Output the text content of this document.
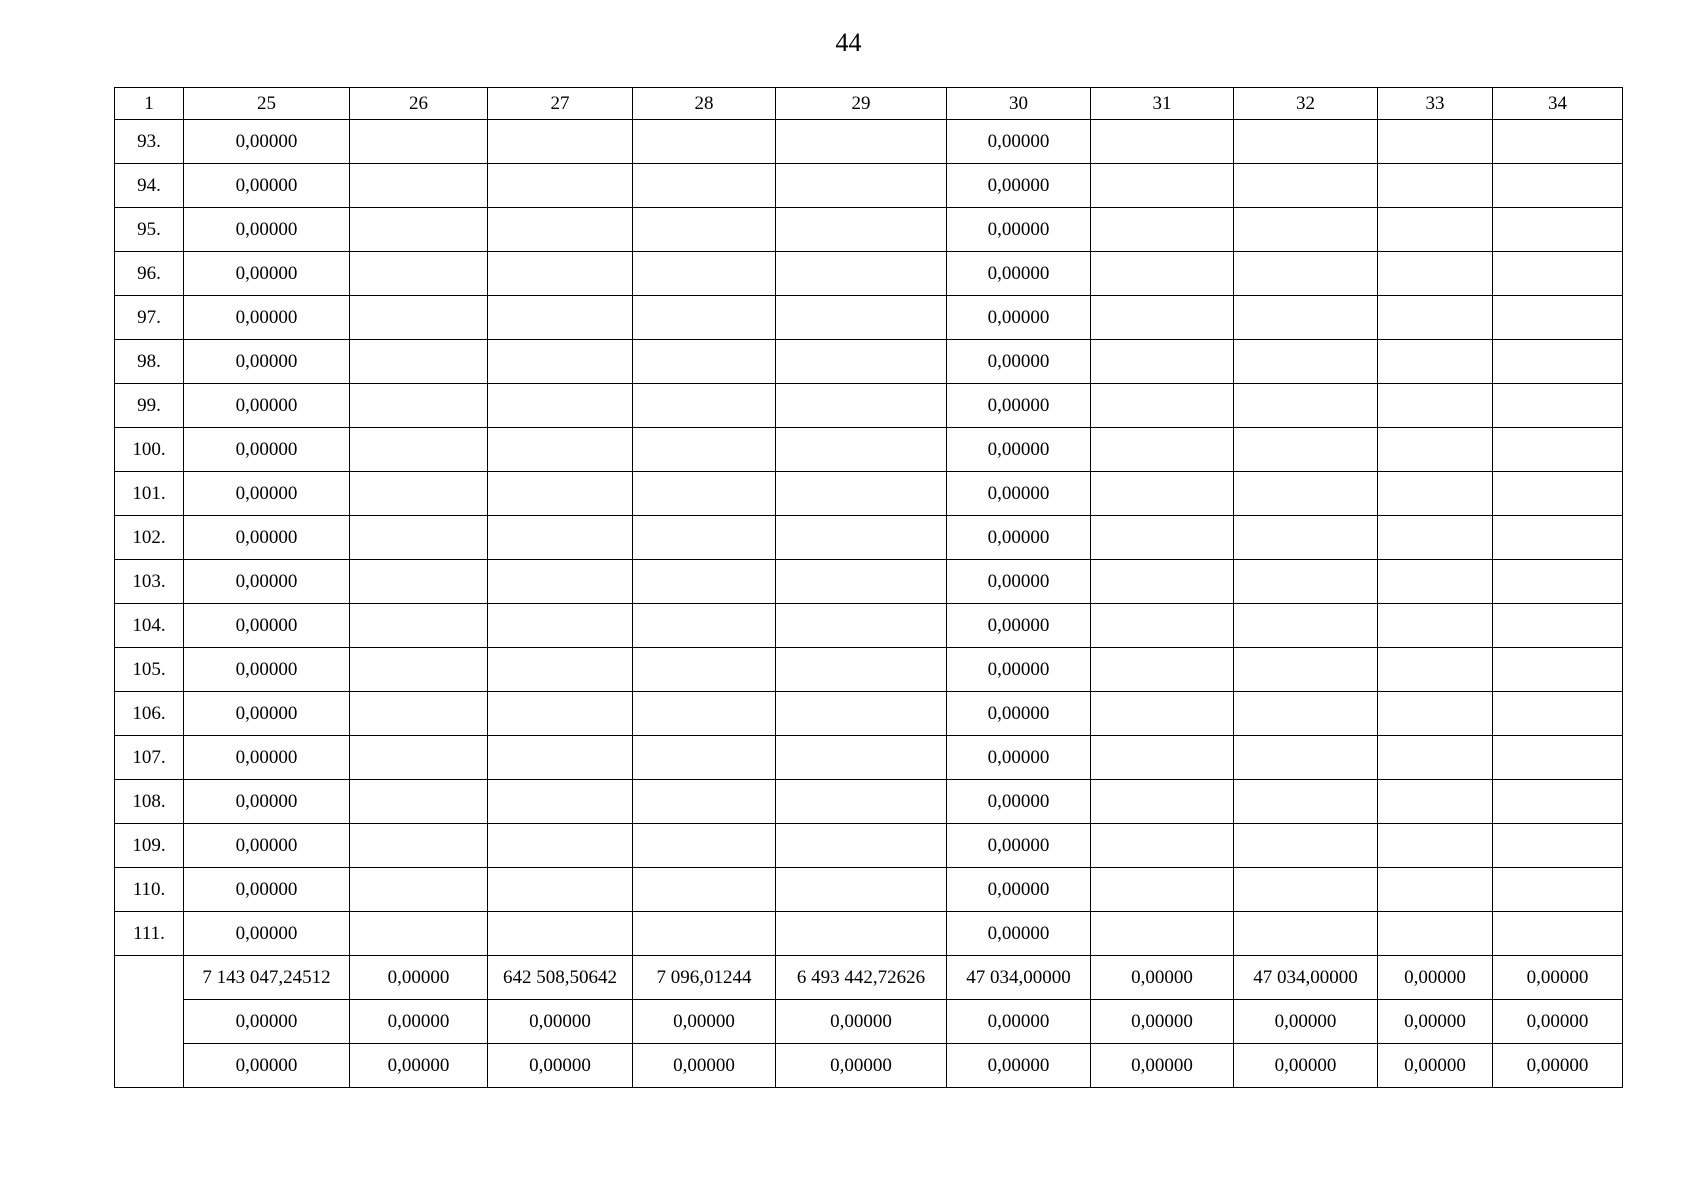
44
1	25	26	27	28	29	30	31	32	33	34
93.	0,00000					0,00000				
94.	0,00000					0,00000				
95.	0,00000					0,00000				
96.	0,00000					0,00000				
97.	0,00000					0,00000				
98.	0,00000					0,00000				
99.	0,00000					0,00000				
100.	0,00000					0,00000				
101.	0,00000					0,00000				
102.	0,00000					0,00000				
103.	0,00000					0,00000				
104.	0,00000					0,00000				
105.	0,00000					0,00000				
106.	0,00000					0,00000				
107.	0,00000					0,00000				
108.	0,00000					0,00000				
109.	0,00000					0,00000				
110.	0,00000					0,00000				
111.	0,00000					0,00000				
	7 143 047,24512	0,00000	642 508,50642	7 096,01244	6 493 442,72626	47 034,00000	0,00000	47 034,00000	0,00000	0,00000
	0,00000	0,00000	0,00000	0,00000	0,00000	0,00000	0,00000	0,00000	0,00000	0,00000
	0,00000	0,00000	0,00000	0,00000	0,00000	0,00000	0,00000	0,00000	0,00000	0,00000
